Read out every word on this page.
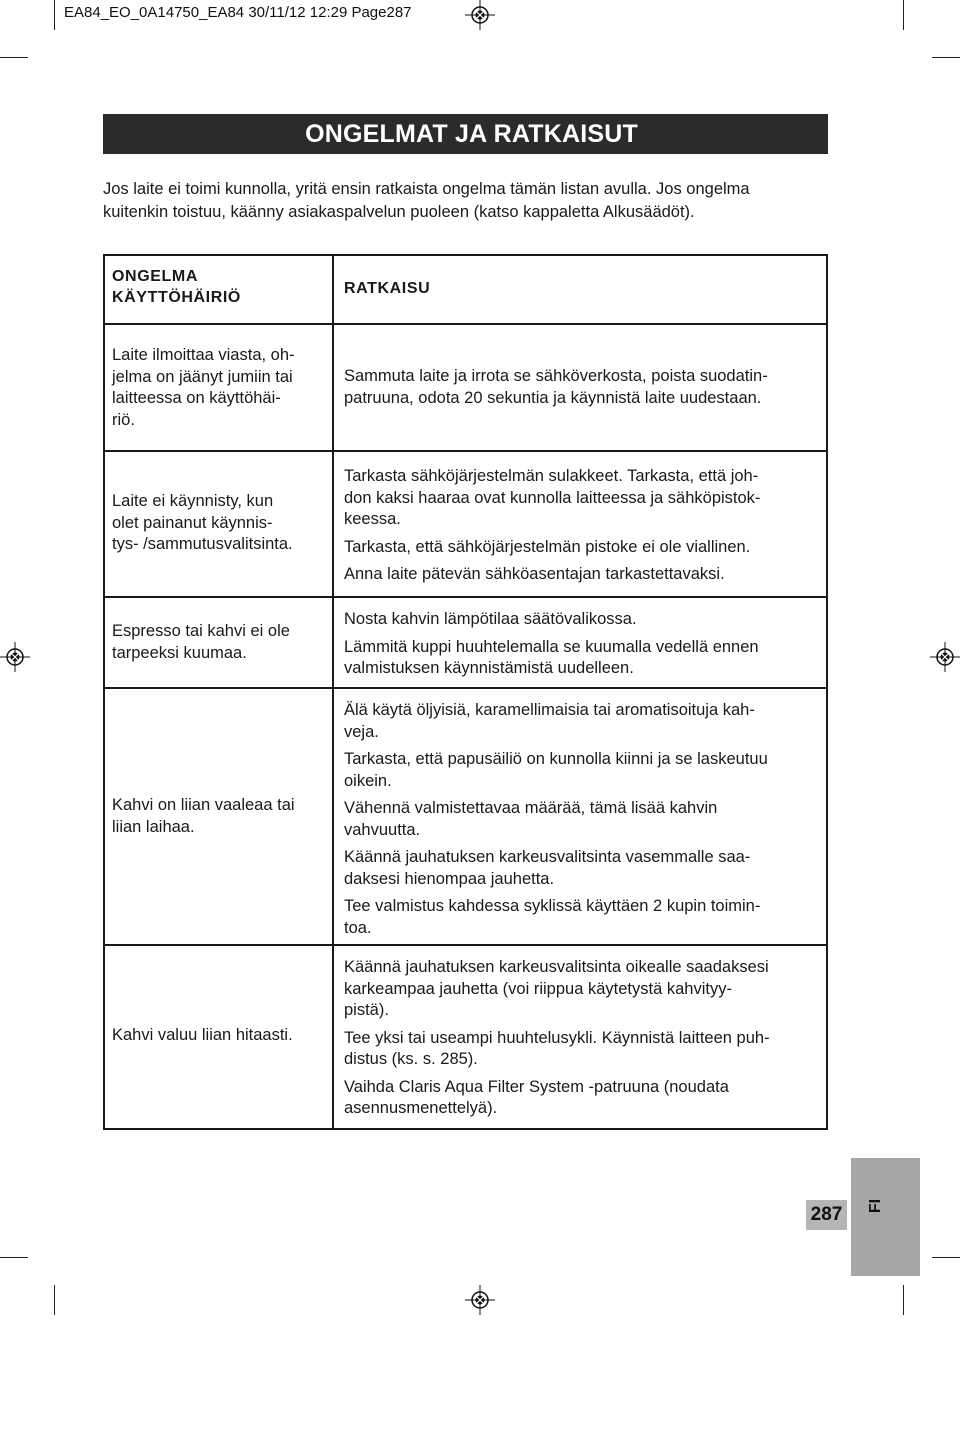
EA84_EO_0A14750_EA84 30/11/12 12:29 Page287
ONGELMAT JA RATKAISUT
Jos laite ei toimi kunnolla, yritä ensin ratkaista ongelma tämän listan avulla. Jos ongelma
kuitenkin toistuu, käänny asiakaspalvelun puoleen (katso kappaletta Alkusäädöt).
ONGELMA
KÄYTTÖHÄIRIÖ
RATKAISU
Laite ilmoittaa viasta, oh-
jelma on jäänyt jumiin tai
laitteessa on käyttöhäi-
riö.
Sammuta laite ja irrota se sähköverkosta, poista suodatin-
patruuna, odota 20 sekuntia ja käynnistä laite uudestaan.
Laite ei käynnisty, kun
olet painanut käynnis-
tys- /sammutusvalitsinta.
Tarkasta sähköjärjestelmän sulakkeet. Tarkasta, että joh-
don kaksi haaraa ovat kunnolla laitteessa ja sähköpistok-
keessa.
Tarkasta, että sähköjärjestelmän pistoke ei ole viallinen.
Anna laite pätevän sähköasentajan tarkastettavaksi.
Espresso tai kahvi ei ole
tarpeeksi kuumaa.
Nosta kahvin lämpötilaa säätövalikossa.
Lämmitä kuppi huuhtelemalla se kuumalla vedellä ennen
valmistuksen käynnistämistä uudelleen.
Kahvi on liian vaaleaa tai
liian laihaa.
Älä käytä öljyisiä, karamellimaisia tai aromatisoituja kah-
veja.
Tarkasta, että papusäiliö on kunnolla kiinni ja se laskeutuu
oikein.
Vähennä valmistettavaa määrää, tämä lisää kahvin
vahvuutta.
Käännä jauhatuksen karkeusvalitsinta vasemmalle saa-
daksesi hienompaa jauhetta.
Tee valmistus kahdessa syklissä käyttäen 2 kupin toimin-
toa.
Kahvi valuu liian hitaasti.
Käännä jauhatuksen karkeusvalitsinta oikealle saadaksesi
karkeampaa jauhetta (voi riippua käytetystä kahvityy-
pistä).
Tee yksi tai useampi huuhtelusykli. Käynnistä laitteen puh-
distus (ks. s. 285).
Vaihda Claris Aqua Filter System -patruuna (noudata
asennusmenettelyä).
287 FI
